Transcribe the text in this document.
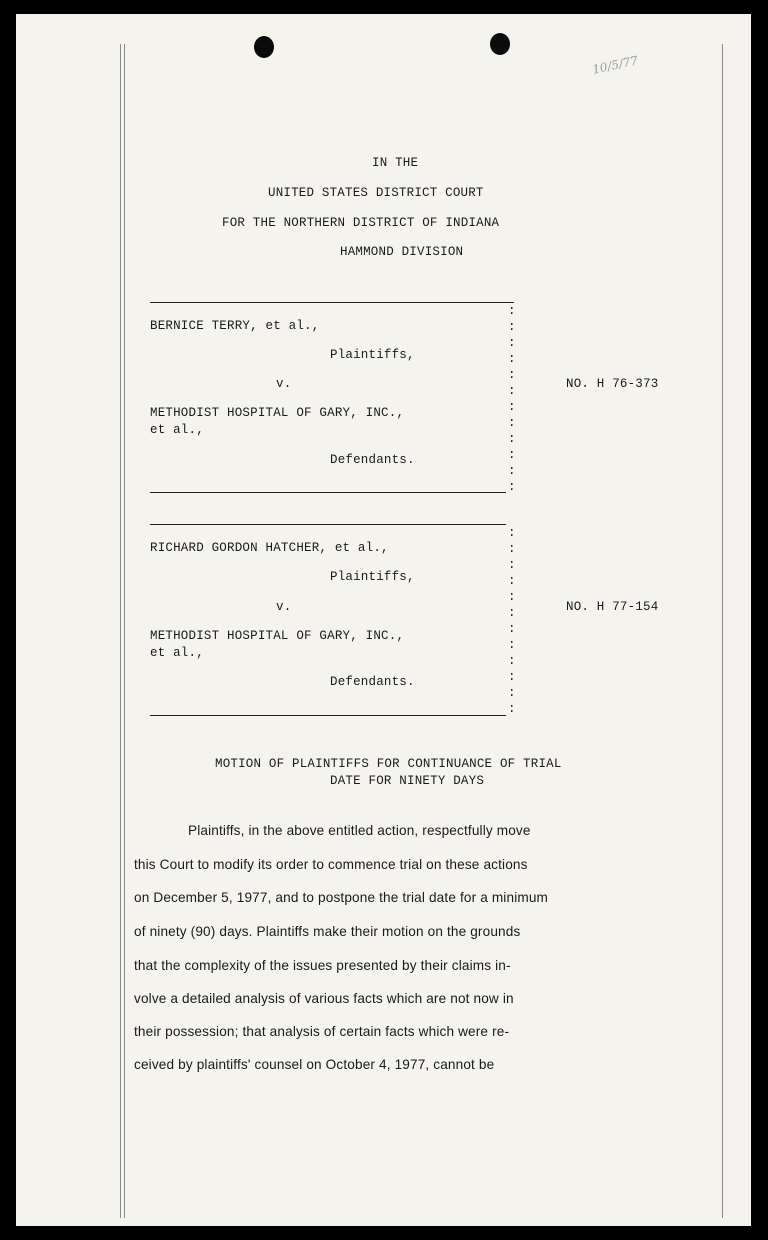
10/5/77
IN THE
UNITED STATES DISTRICT COURT
FOR THE NORTHERN DISTRICT OF INDIANA
HAMMOND DIVISION
:
:
:
:
:
:
:
:
:
:
:
:
BERNICE TERRY, et al.,
Plaintiffs,
v.	NO. H 76-373
METHODIST HOSPITAL OF GARY, INC.,
et al.,
Defendants.
:
:
:
:
:
:
:
:
:
:
:
:
RICHARD GORDON HATCHER, et al.,
Plaintiffs,
v.	NO. H 77-154
METHODIST HOSPITAL OF GARY, INC.,
et al.,
Defendants.
MOTION OF PLAINTIFFS FOR CONTINUANCE OF TRIAL
DATE FOR NINETY DAYS
Plaintiffs, in the above entitled action, respectfully move
this Court to modify its order to commence trial on these actions
on December 5, 1977, and to postpone the trial date for a minimum
of ninety (90) days. Plaintiffs make their motion on the grounds
that the complexity of the issues presented by their claims in-
volve a detailed analysis of various facts which are not now in
their possession; that analysis of certain facts which were re-
ceived by plaintiffs' counsel on October 4, 1977, cannot be
